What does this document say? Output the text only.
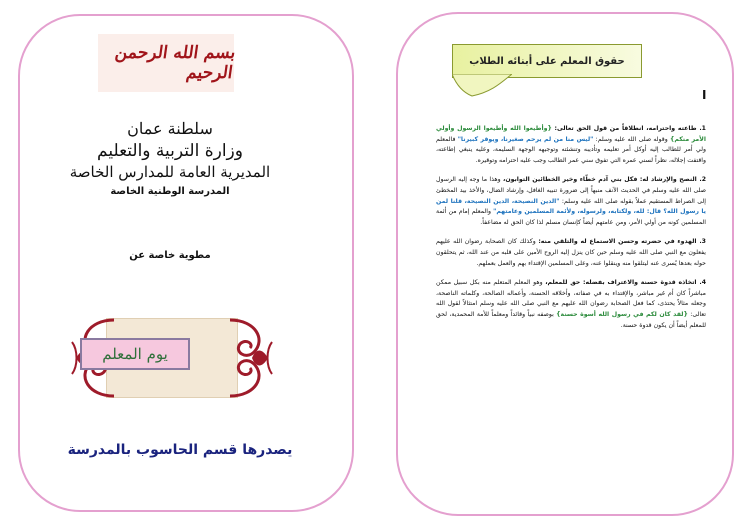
بسم الله الرحمن الرحيم
سلطنة عمان
وزارة التربية والتعليم
المديرية العامة للمدارس الخاصة
المدرسة الوطنية الخاصة
مطوية خاصة عن
يوم المعلم
يصدرها قسم الحاسوب بالمدرسة
حقوق المعلم على أبنائه الطلاب
I

1. طاعته واحترامه، انطلاقاً من قول الحق تعالى: {وأطيعوا الله وأطيعوا الرسول وأولي الأمر منكم} وقوله صلى الله عليه وسلم: "ليس منا من لم يرحم صغيرنا، ويوقر كبيرنا" فالمعلم ولي أمر للطالب إليه أوكل أمر تعليمه وتأديبه وتنشئته وتوجيهه الوجهة السليمة، وعليه ينبغي إطاعته، واقتفت إجلاله، نظراً لسني عمره التي تفوق سني عمر الطالب وجب عليه احترامه وتوقيره.

2. النصح والإرشاد له: فكل بني آدم خطّاء وخير الخطائين التوابون، وهذا ما وجه إليه الرسول صلى الله عليه وسلم في الحديث الآنف منبهاً إلى ضرورة تنبيه الغافل، وإرشاد الضال، والأخذ بيد المخطئ إلى الصراط المستقيم عملاً بقوله صلى الله عليه وسلم: "الدين النصيحة، الدين النصيحة، قلنا لمن يا رسول الله؟ قال: لله، ولكتابه، ولرسوله، ولأئمة المسلمين وعامتهم" والمعلم إمام من أئمة المسلمين كونه من أولي الأمر، ومن عامتهم أيضاً كإنسان مسلم لذا كان الحق له مضاعفاً.

3. الهدوء في حضرته وحسن الاستماع له والتلقي منه: وكذلك كان الصحابة رضوان الله عليهم يفعلون مع النبي صلى الله عليه وسلم حين كان ينزل إليه الروح الأمين على قلبه من عند الله، ثم يتحلقون حوله بعدها يُسرى عنه ليتلقوا منه وينقلوا عنه، وعلى المسلمين الإقتداء بهم والعمل بعملهم.

4. اتخاذه قدوة حسنة والاعتراف بفضله: حق للمعلم، وهو المعلم المتعلم منه بكل سبيل ممكن مباشراً كان أم غير مباشر، والإقتداء به في صفاته، وأخلاقه الحسنة، وأعماله الصالحة، وكلماته الناصحة، وجعله مثالاً يحتذى، كما فعل الصحابة رضوان الله عليهم مع النبي صلى الله عليه وسلم امتثالاً لقول الله تعالى: {لقد كان لكم في رسول الله أسوة حسنة} بوصفه نبياً وقائداً ومعلماً للأمة المحمدية، لحق للمعلم أيضاً أن يكون قدوة حسنة.
